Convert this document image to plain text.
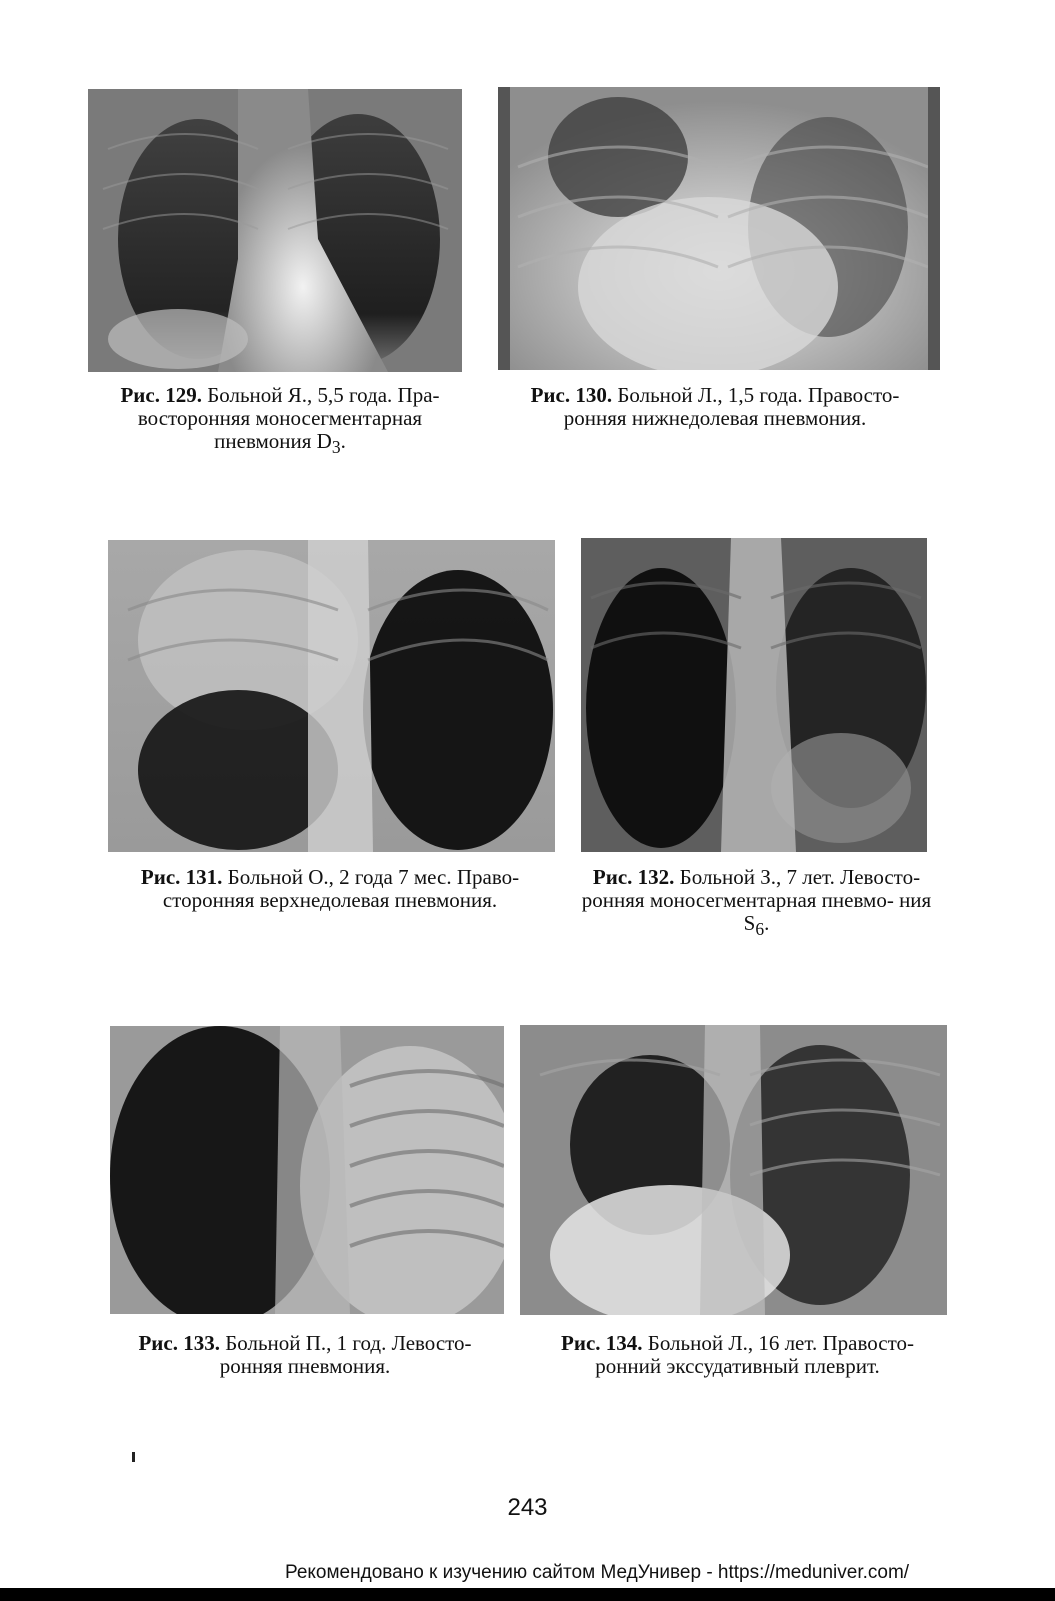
Рис. 129. Больной Я., 5,5 года. Пра- восторонняя моносегментарная пневмония $D_3$.
Рис. 130. Больной Л., 1,5 года. Правосто- ронняя нижнедолевая пневмония.
Рис. 131. Больной О., 2 года 7 мес. Право- сторонняя верхнедолевая пневмония.
Рис. 132. Больной З., 7 лет. Левосто- ронняя моносегментарная пневмо- ния $S_6$.
Рис. 133. Больной П., 1 год. Левосто- ронняя пневмония.
Рис. 134. Больной Л., 16 лет. Правосто- ронний экссудативный плеврит.
243
Рекомендовано к изучению сайтом МедУнивер - https://meduniver.com/
